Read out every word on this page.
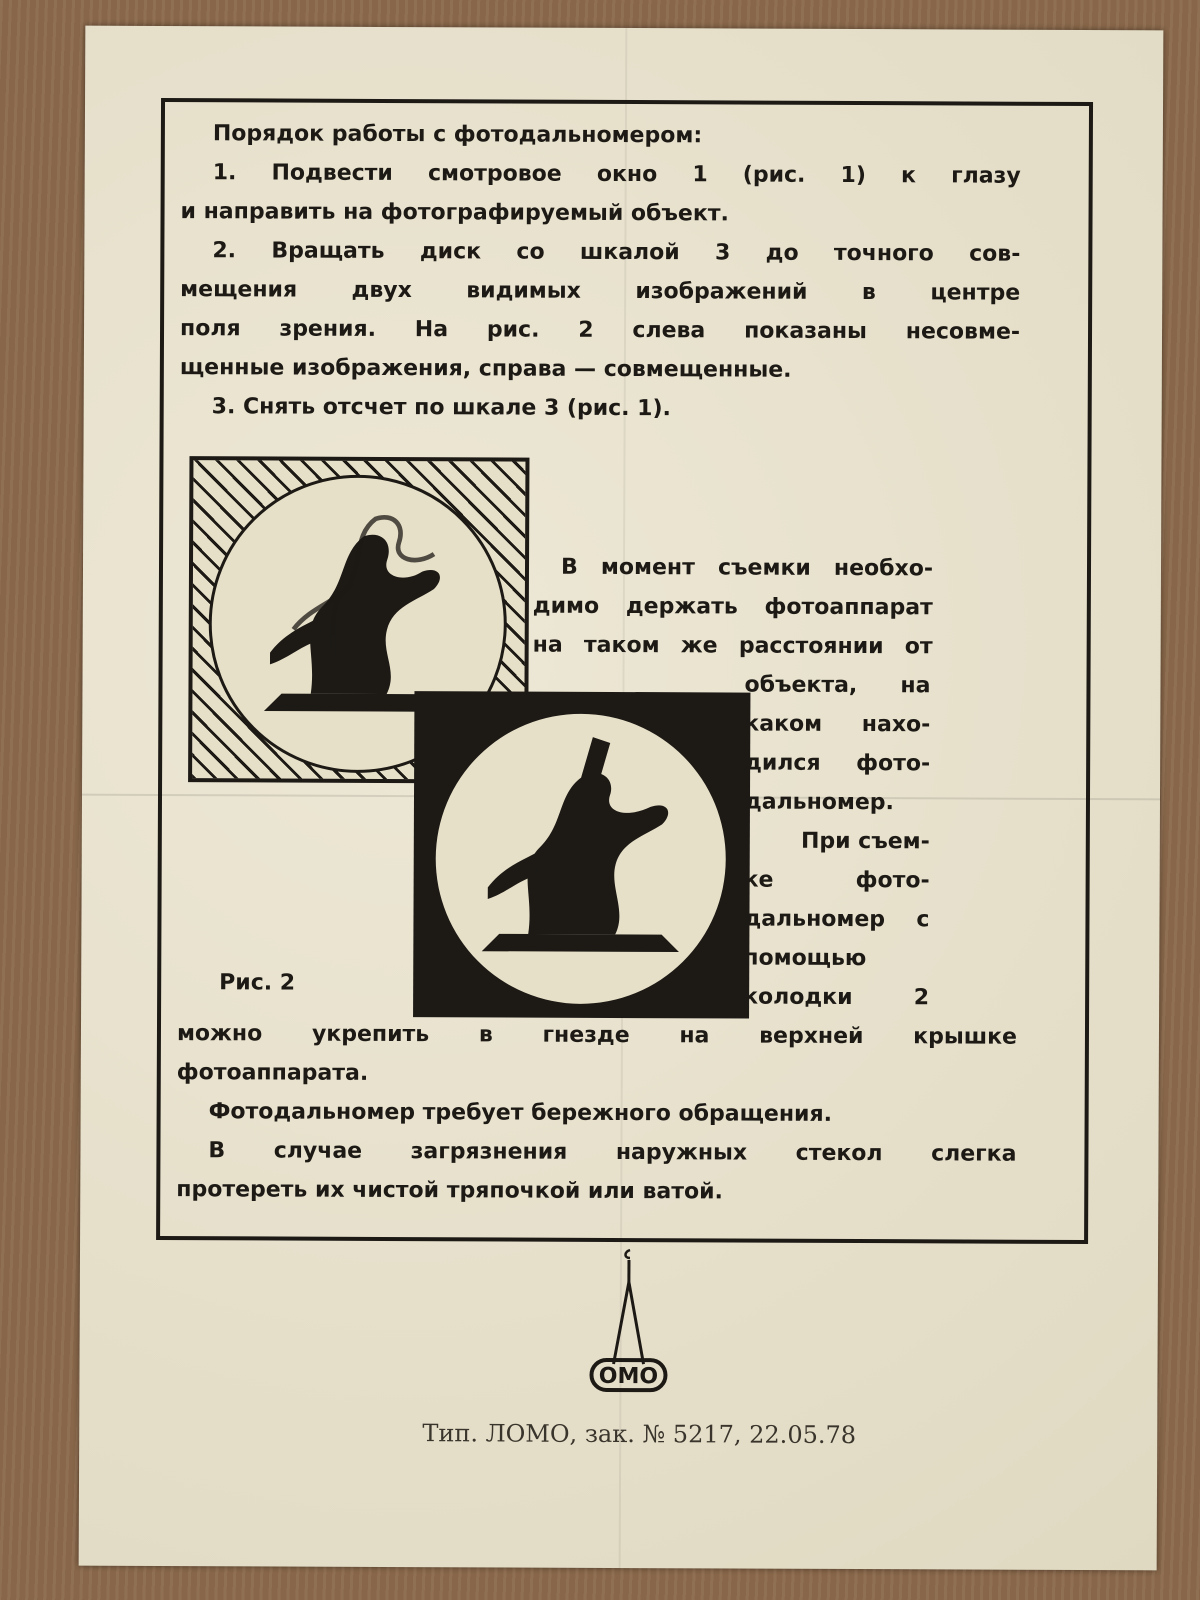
Порядок работы с фотодальномером:
1. Подвести смотровое окно 1 (рис. 1) к глазу
и направить на фотографируемый объект.
2. Вращать диск со шкалой 3 до точного сов-
мещения двух видимых изображений в центре
поля зрения. На рис. 2 слева показаны несовме-
щенные изображения, справа — совмещенные.
3. Снять отсчет по шкале 3 (рис. 1).
Рис. 2
В момент съемки необхо-
димо держать фотоаппарат
на таком же расстоянии от
объекта, на
каком нахо-
дился фото-
дальномер.
При съем-
ке фото-
дальномер с
помощью
колодки 2
можно укрепить в гнезде на верхней крышке
фотоаппарата.
Фотодальномер требует бережного обращения.
В случае загрязнения наружных стекол слегка
протереть их чистой тряпочкой или ватой.
ОМО
Тип. ЛОМО, зак. № 5217, 22.05.78
